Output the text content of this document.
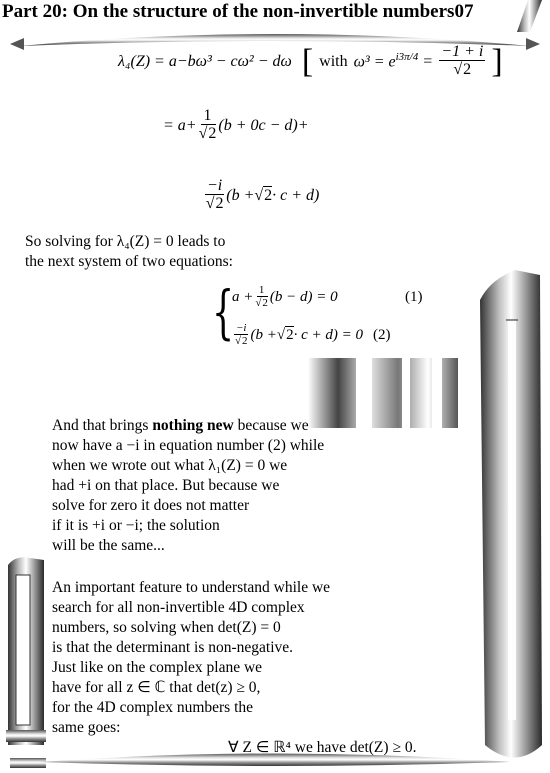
Part 20: On the structure of the non-invertible numbers07
λ₄(Z) = a−bω³ − cω² − dω [ with $\omega^3 = e^{i3\pi/4} = \frac{-1 + i}{√2}$ ]
= $a+ \frac{1}{√2} (b + 0c - d)+$
$\frac{-i}{√2} (b + √2 \cdot c + d)$
So solving for λ₄(Z) = 0 leads to
the next system of two equations:
{
$a + \frac{1}{√2} (b - d) = 0$	(1)
$\frac{-i}{√2} (b + √2 \cdot c + d) = 0$ (2)
And that brings nothing new because we
now have a −i in equation number (2) while
when we wrote out what λ₁(Z) = 0 we
had +i on that place. But because we
solve for zero it does not matter
if it is +i or −i; the solution
will be the same...
An important feature to understand while we
search for all non-invertible 4D complex
numbers, so solving when det(Z) = 0
is that the determinant is non-negative.
Just like on the complex plane we
have for all z ∈ ℂ that det(z) ≥ 0,
for the 4D complex numbers the
same goes:
∀ Z ∈ ℝ⁴ we have det(Z) ≥ 0.
